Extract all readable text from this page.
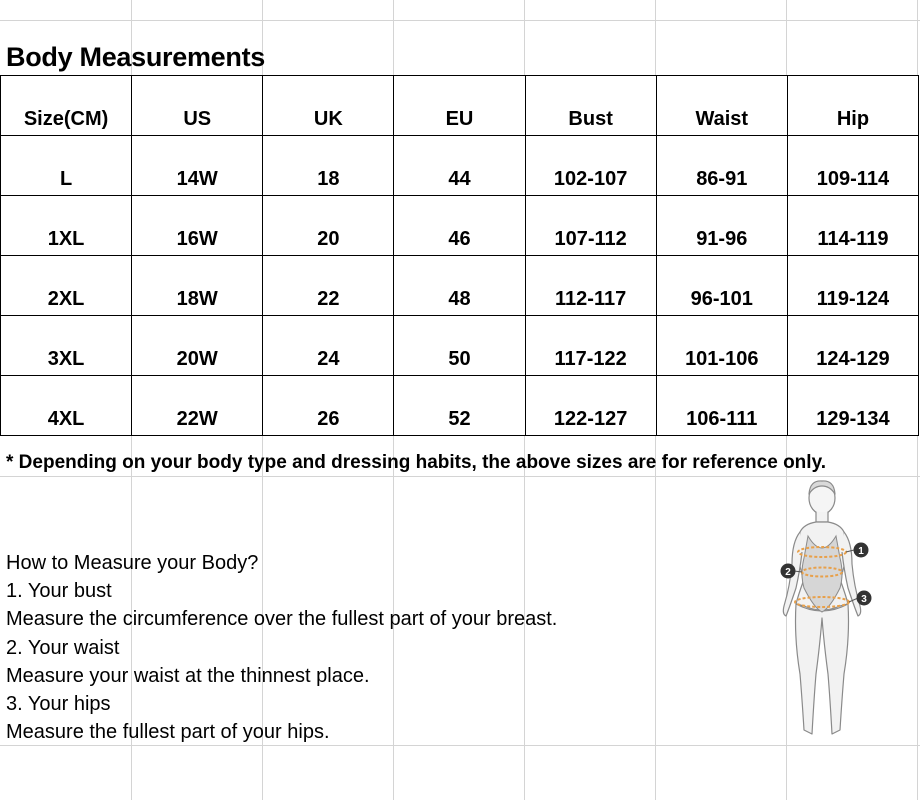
Body Measurements
Size(CM)	US	UK	EU	Bust	Waist	Hip
L	14W	18	44	102-107	86-91	109-114
1XL	16W	20	46	107-112	91-96	114-119
2XL	18W	22	48	112-117	96-101	119-124
3XL	20W	24	50	117-122	101-106	124-129
4XL	22W	26	52	122-127	106-111	129-134
* Depending on your body type and dressing habits, the above sizes are for reference only.
How to Measure your Body?
1. Your bust
Measure the circumference over the fullest part of your breast.
2. Your waist
Measure your waist at the thinnest place.
3. Your hips
Measure the fullest part of your hips.
1
2
3
